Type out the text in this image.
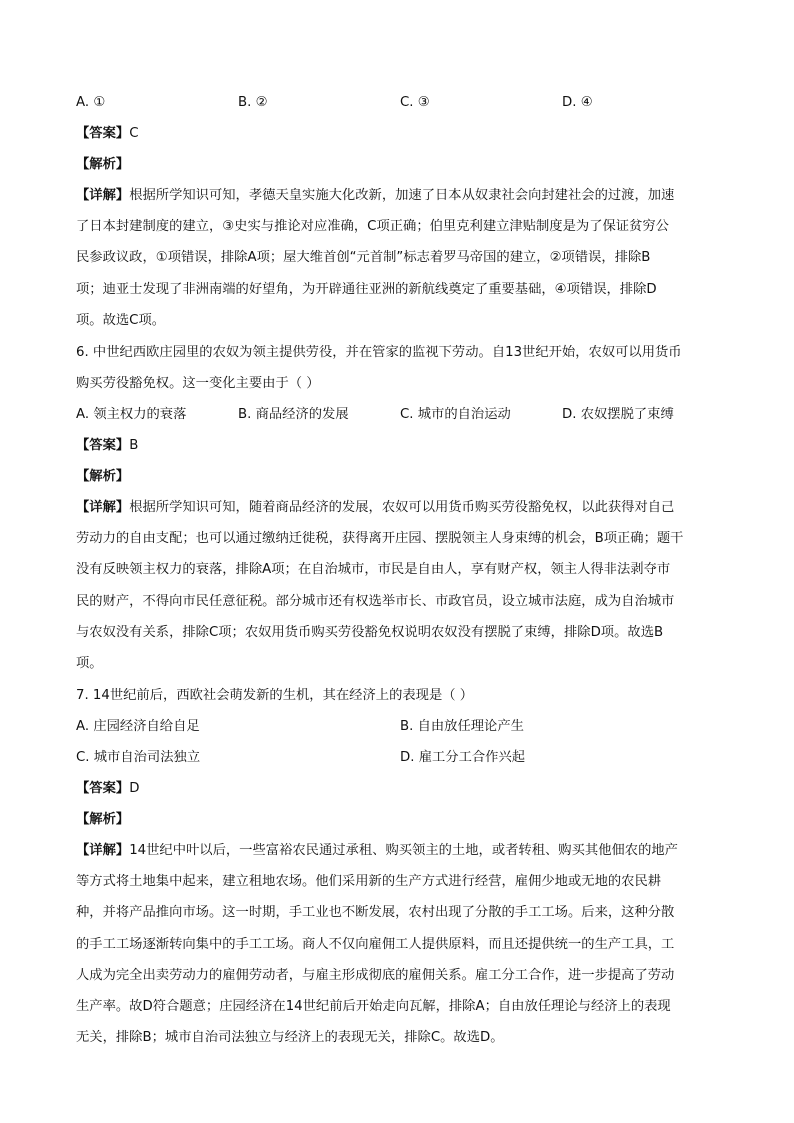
A. ①	B. ②	C. ③	D. ④
【答案】C
【解析】
【详解】根据所学知识可知，孝德天皇实施大化改新，加速了日本从奴隶社会向封建社会的过渡，加速
了日本封建制度的建立，③史实与推论对应准确，C项正确；伯里克利建立津贴制度是为了保证贫穷公
民参政议政，①项错误，排除A项；屋大维首创“元首制”标志着罗马帝国的建立，②项错误，排除B
项；迪亚士发现了非洲南端的好望角，为开辟通往亚洲的新航线奠定了重要基础，④项错误，排除D
项。故选C项。
6. 中世纪西欧庄园里的农奴为领主提供劳役，并在管家的监视下劳动。自13世纪开始，农奴可以用货币
购买劳役豁免权。这一变化主要由于（ ）
A. 领主权力的衰落	B. 商品经济的发展	C. 城市的自治运动	D. 农奴摆脱了束缚
【答案】B
【解析】
【详解】根据所学知识可知，随着商品经济的发展，农奴可以用货币购买劳役豁免权，以此获得对自己
劳动力的自由支配；也可以通过缴纳迁徙税，获得离开庄园、摆脱领主人身束缚的机会，B项正确；题干
没有反映领主权力的衰落，排除A项；在自治城市，市民是自由人，享有财产权，领主人得非法剥夺市
民的财产，不得向市民任意征税。部分城市还有权选举市长、市政官员，设立城市法庭，成为自治城市
与农奴没有关系，排除C项；农奴用货币购买劳役豁免权说明农奴没有摆脱了束缚，排除D项。故选B
项。
7. 14世纪前后，西欧社会萌发新的生机，其在经济上的表现是（ ）
A. 庄园经济自给自足	B. 自由放任理论产生
C. 城市自治司法独立	D. 雇工分工合作兴起
【答案】D
【解析】
【详解】14世纪中叶以后，一些富裕农民通过承租、购买领主的土地，或者转租、购买其他佃农的地产
等方式将土地集中起来，建立租地农场。他们采用新的生产方式进行经营，雇佣少地或无地的农民耕
种，并将产品推向市场。这一时期，手工业也不断发展，农村出现了分散的手工工场。后来，这种分散
的手工工场逐渐转向集中的手工工场。商人不仅向雇佣工人提供原料，而且还提供统一的生产工具，工
人成为完全出卖劳动力的雇佣劳动者，与雇主形成彻底的雇佣关系。雇工分工合作，进一步提高了劳动
生产率。故D符合题意；庄园经济在14世纪前后开始走向瓦解，排除A；自由放任理论与经济上的表现
无关，排除B；城市自治司法独立与经济上的表现无关，排除C。故选D。
